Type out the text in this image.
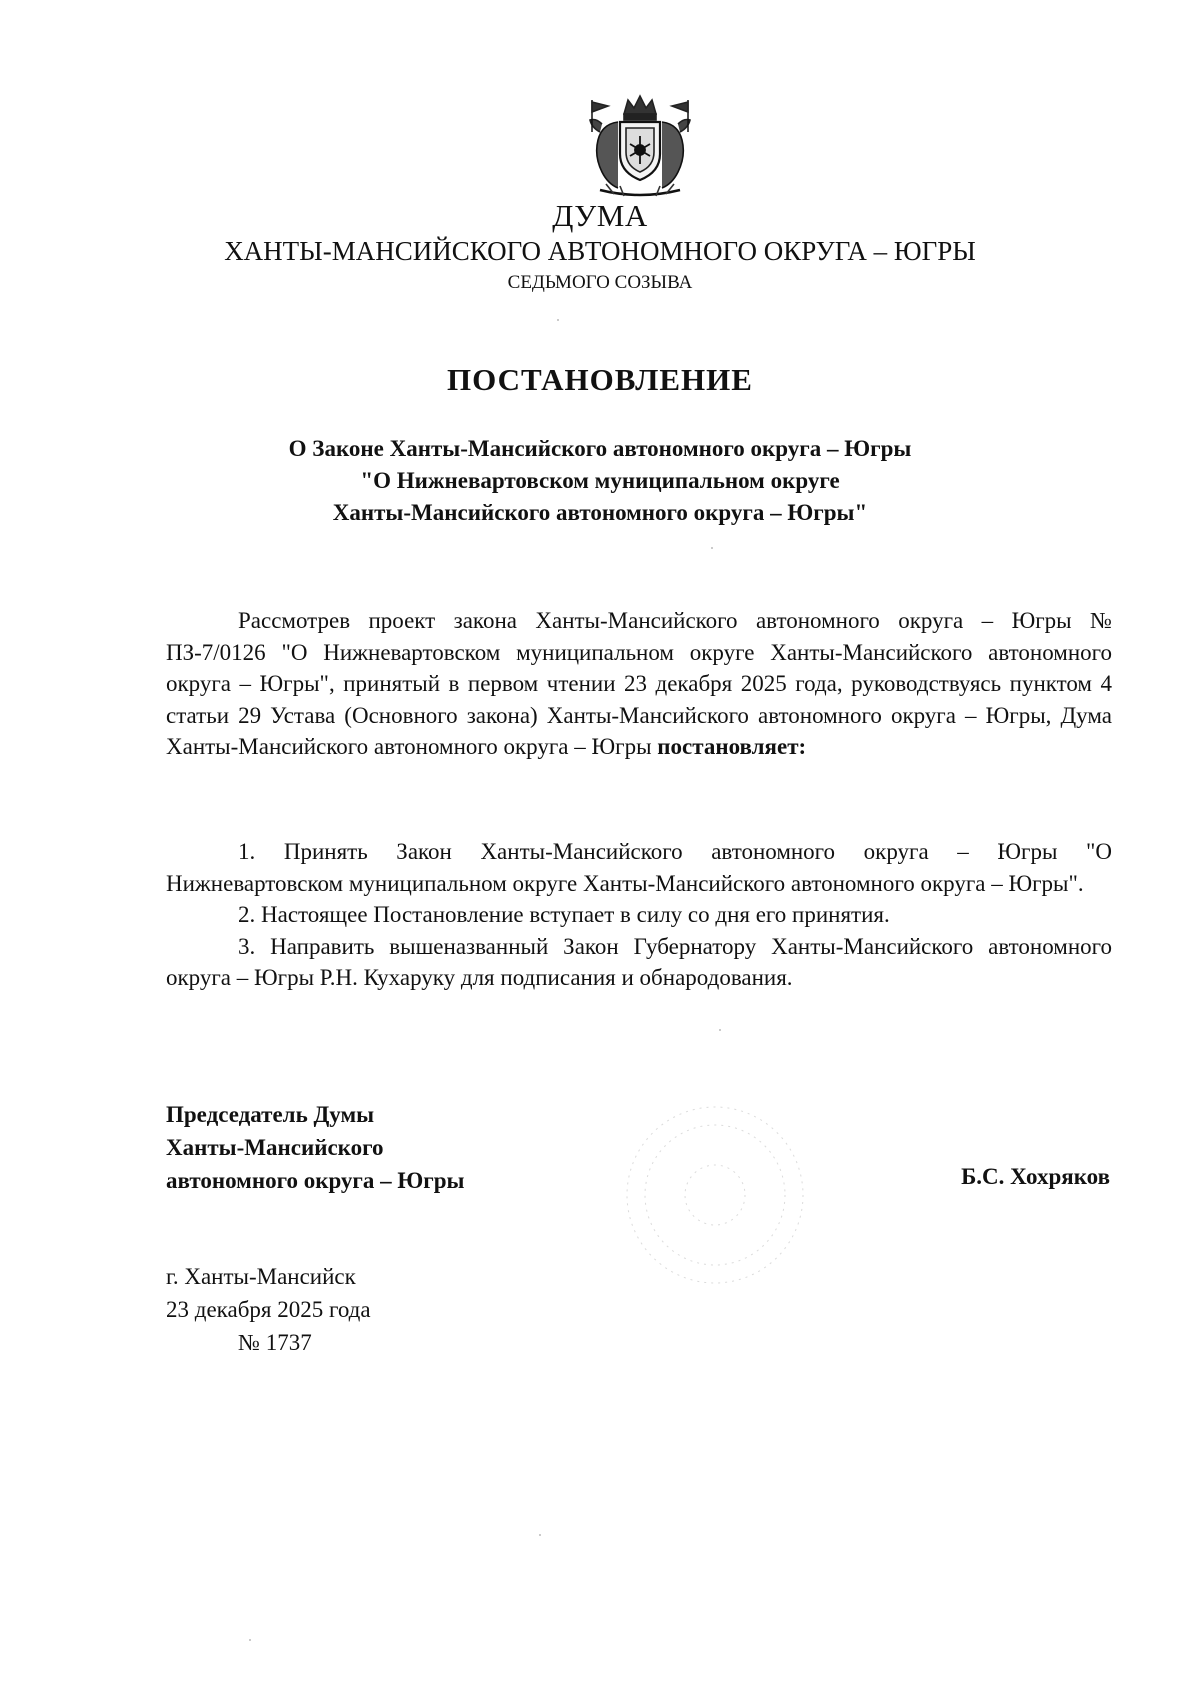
ДУМА
ХАНТЫ-МАНСИЙСКОГО АВТОНОМНОГО ОКРУГА – ЮГРЫ
СЕДЬМОГО СОЗЫВА
ПОСТАНОВЛЕНИЕ
О Законе Ханты-Мансийского автономного округа – Югры
"О Нижневартовском муниципальном округе
Ханты-Мансийского автономного округа – Югры"

Рассмотрев проект закона Ханты-Мансийского автономного округа – Югры № ПЗ-7/0126 "О Нижневартовском муниципальном округе Ханты-Мансийского автономного округа – Югры", принятый в первом чтении 23 декабря 2025 года, руководствуясь пунктом 4 статьи 29 Устава (Основного закона) Ханты-Мансийского автономного округа – Югры, Дума Ханты-Мансийского автономного округа – Югры постановляет:

1. Принять Закон Ханты-Мансийского автономного округа – Югры "О Нижневартовском муниципальном округе Ханты-Мансийского автономного округа – Югры".

2. Настоящее Постановление вступает в силу со дня его принятия.

3. Направить вышеназванный Закон Губернатору Ханты-Мансийского автономного округа – Югры Р.Н. Кухаруку для подписания и обнародования.

Председатель Думы
Ханты-Мансийского
автономного округа – Югры	Б.С. Хохряков
г. Ханты-Мансийск
23 декабря 2025 года
№ 1737
